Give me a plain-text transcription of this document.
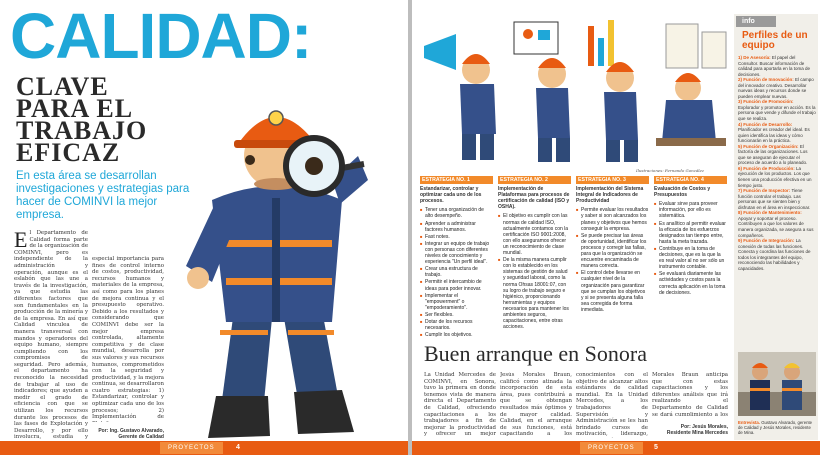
CALIDAD:
CLAVE
PARA EL
TRABAJO
EFICAZ
En esta área se desarrollan investigaciones y estrategias para hacer de COMINVI la mejor empresa.
El Departamento de Calidad forma parte de la organización de COMINVI, pero es independiente de la administración y operación, aunque es el eslabón que las une a través de la investigación, ya que estudia las diferentes factores que son fundamentales en la producción de la minería y de la empresa. En así que Calidad vinculea de manera transversal con mandos y operadores del equipo humano, siempre cumpliendo con los compromisos de seguridad. Pero además, el departamento ha reconocido la necesidad de trabajar al uso de indicadores; que ayuden a medir el grado de eficiencia con que se utilizan los recursos durante los procesos de las fases de Explotación y Desarrollo, y por ello involucra, estudia y
especial importancia para fines de control interno de costos, productividad, recursos humanos y materiales de la empresa, así como para los planes de mejora continua y el presupuesto operativo. Debido a los resultados y considerando que COMINVI debe ser la mejor empresa controlada, altamente competitiva y de clase mundial, desarrolla por sus valores y sus recursos humanos, comprometidos con la seguridad y productividad, y la mejora continua, se desarrollaron cuatro estrategias: 1) Estandarizar, controlar y optimizar cada uno de los procesos; 2) Implementación de
Por: Ing. Gustavo Alvarado,
Gerente de Calidad
PROYECTOS	4
Ilustraciones: Fernando González
ESTRATEGIA NO. 1
Estandarizar, controlar y optimizar cada uno de los procesos.
■ Tener una organización de alto desempeño.
■ Aprender a administrar factores humanos.
■ Fast notes.
■ Integrar un equipo de trabajo con personas con diferentes niveles de conocimiento y experiencia "Un perfil ideal".
■ Crear una estructura de trabajo.
■ Permitir el intercambio de ideas para poder innovar.
■ Implementar el "empowerment" o "empoderamiento".
■ Ser flexibles.
■ Dotar de los recursos necesarios.
■ Cumplir los objetivos.
ESTRATEGIA NO. 2
Implementación de Plataformas para procesos de certificación de calidad (ISO y OSHA).
■ El objetivo es cumplir con las normas de calidad ISO, actualmente contamos con la certificación ISO 9001:2008, con ello aseguramos ofrecer un reconocimiento de clase mundial.
■ De la misma manera cumplir con lo establecido en los sistemas de gestión de salud y seguridad laboral, como la norma Ohsas 18001:07, con su logro de trabajo seguro e higiénico, proporcionando herramientas y equipos necesarios para mantener los ambientes seguros, capacitaciones, entre otras acciones.
ESTRATEGIA NO. 3
Implementación del Sistema Integral de Indicadores de Productividad
■ Permite evaluar los resultados y saber si son alcanzados los planes y objetivos que hemos conseguir la empresa.
■ Se puede precisar las áreas de oportunidad, identificar los procesos y corregir las fallas, para que la organización se encuentre encaminada de manera correcta.
■ El control debe llevarse en cualquier nivel de la organización para garantizar que se cumplan los objetivos y si se presenta alguna falla sea corregida de forma inmediata.
ESTRATEGIA NO. 4
Evaluación de Costos y Presupuestos
■ Evaluar sirve para proveer información, por ello es sistemática.
■ Es analítico al permitir evaluar la eficacia de los esfuerzos designados tan tiempo entre, hasta la meta trazada.
■ Contribuye en la toma de decisiones, que es la que la es real valor al no ser sólo un instrumento contable.
■ Se evaluará diariamente las actividades y costos para la correcta aplicación en la toma de decisiones.
Buen arranque en Sonora
La Unidad Mercedes de COMINVI, en Sonora, tuvo la primera en donde tenemos vista de manera directa el Departamento de Calidad, ofreciendo capacitaciones a los trabajadores a fin de mejorar la productividad y ofrecer un mejor
Jesús Morales Braun, calificó como atinada la incorporación de esta área, pues contribuirá a que se obtengan resultados más óptimos y de mayor calidad. Calidad, en el arranque de sus funciones, está capacitando a los
conocimientos con el objetivo de alcanzar altos estándares de calidad mundial. En la Unidad Mercedes, a los trabajadores de Supervisión y Administración se les han brindado cursos de motivación, liderazgo,
Morales Braun anticipa que con estas capacitaciones y los diferentes análisis que irá realizando el Departamento de Calidad se dará cumplimiento a los
Por: Jesús Morales,
Residente Mina Mercedes
info
Perfiles de un equipo
1) De Asesoría: El papel del Consultor. Buscar información de calidad para aportarla en la toma de decisiones.
2) Función de Innovación: El campo del innovador creativo. Desarrollar nuevas ideas y recursos donde se pueden emplear nuevas.
3) Función de Promoción: Explorador y promotor en acción. Es la persona que vende y difunde el trabajo que se realiza.
4) Función de Desarrollo: Planificador es creador del ideal. Es quien identifica las ideas y cómo funcionarán en la práctica.
5) Función de Organización: El factoría de las organizaciones. Los que se aseguran de ejecutar el proceso de acuerdo a lo planeado.
6) Función de Producción: La ejecución de los productos. Los que tienen una producción efectiva en un tiempo justo.
7) Función de Inspector: Tiene función controlar el trabajo. Las personas que se sienten bien y disfrutan en el área en inspeccionar.
8) Función de Mantenimiento: Apoyar y soportar el proceso. Contribuyen a que los valores de manera organizada, se asegura a sus compañeros.
9) Función de Integración: La conexión de todas las funciones. Conecta y coordina las funciones de todos los integrantes del equipo, reconociendo las habilidades y capacidades.
Entrevista. Gustavo Alvarado, gerente de Calidad y Jesús Morales, residente de Mina.
PROYECTOS	5
